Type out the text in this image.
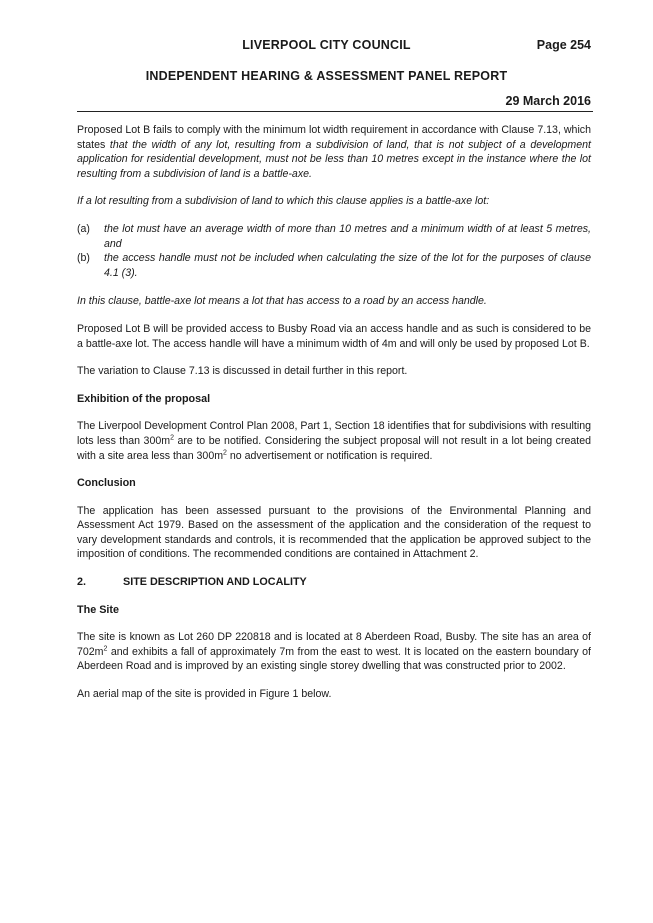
LIVERPOOL CITY COUNCIL	Page 254
INDEPENDENT HEARING & ASSESSMENT PANEL REPORT
29 March 2016

Proposed Lot B fails to comply with the minimum lot width requirement in accordance with Clause 7.13, which states that the width of any lot, resulting from a subdivision of land, that is not subject of a development application for residential development, must not be less than 10 metres except in the instance where the lot resulting from a subdivision of land is a battle-axe.

If a lot resulting from a subdivision of land to which this clause applies is a battle-axe lot:

(a) the lot must have an average width of more than 10 metres and a minimum width of at least 5 metres, and
(b) the access handle must not be included when calculating the size of the lot for the purposes of clause 4.1 (3).

In this clause, battle-axe lot means a lot that has access to a road by an access handle.

Proposed Lot B will be provided access to Busby Road via an access handle and as such is considered to be a battle-axe lot. The access handle will have a minimum width of 4m and will only be used by proposed Lot B.

The variation to Clause 7.13 is discussed in detail further in this report.

Exhibition of the proposal

The Liverpool Development Control Plan 2008, Part 1, Section 18 identifies that for subdivisions with resulting lots less than $300m^2$ are to be notified. Considering the subject proposal will not result in a lot being created with a site area less than $300m^2$ no advertisement or notification is required.

Conclusion

The application has been assessed pursuant to the provisions of the Environmental Planning and Assessment Act 1979. Based on the assessment of the application and the consideration of the request to vary development standards and controls, it is recommended that the application be approved subject to the imposition of conditions. The recommended conditions are contained in Attachment 2.

2.	SITE DESCRIPTION AND LOCALITY
The Site

The site is known as Lot 260 DP 220818 and is located at 8 Aberdeen Road, Busby. The site has an area of $702m^2$ and exhibits a fall of approximately 7m from the east to west. It is located on the eastern boundary of Aberdeen Road and is improved by an existing single storey dwelling that was constructed prior to 2002.

An aerial map of the site is provided in Figure 1 below.
